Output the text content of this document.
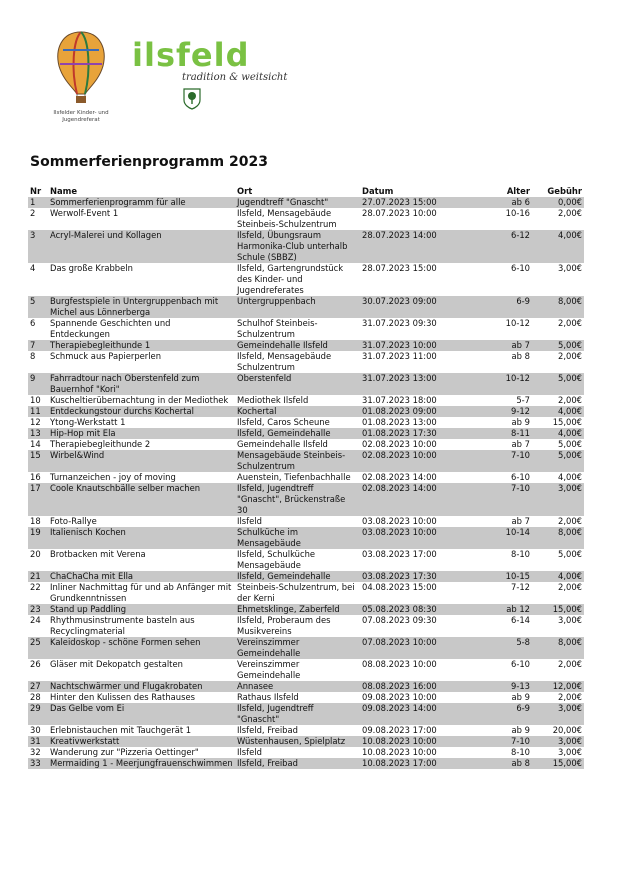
Ilsfelder Kinder- und
Jugendreferat
ilsfeld
tradition & weitsicht
Sommerferienprogramm 2023
Nr	Name	Ort	Datum	Alter	Gebühr
1	Sommerferienprogramm für alle	Jugendtreff "Gnascht"	27.07.2023 15:00	ab 6	0,00€
2	Werwolf-Event 1	Ilsfeld, Mensagebäude Steinbeis-Schulzentrum	28.07.2023 10:00	10-16	2,00€
3	Acryl-Malerei und Kollagen	Ilsfeld, Übungsraum Harmonika-Club unterhalb Schule (SBBZ)	28.07.2023 14:00	6-12	4,00€
4	Das große Krabbeln	Ilsfeld, Gartengrundstück des Kinder- und Jugendreferates	28.07.2023 15:00	6-10	3,00€
5	Burgfestspiele in Untergruppenbach mit Michel aus Lönnerberga	Untergruppenbach	30.07.2023 09:00	6-9	8,00€
6	Spannende Geschichten und Entdeckungen	Schulhof Steinbeis-Schulzentrum	31.07.2023 09:30	10-12	2,00€
7	Therapiebegleithunde 1	Gemeindehalle Ilsfeld	31.07.2023 10:00	ab 7	5,00€
8	Schmuck aus Papierperlen	Ilsfeld, Mensagebäude Schulzentrum	31.07.2023 11:00	ab 8	2,00€
9	Fahrradtour nach Oberstenfeld zum Bauernhof "Kori"	Oberstenfeld	31.07.2023 13:00	10-12	5,00€
10	Kuscheltierübernachtung in der Mediothek	Mediothek Ilsfeld	31.07.2023 18:00	5-7	2,00€
11	Entdeckungstour durchs Kochertal	Kochertal	01.08.2023 09:00	9-12	4,00€
12	Ytong-Werkstatt 1	Ilsfeld, Caros Scheune	01.08.2023 13:00	ab 9	15,00€
13	Hip-Hop mit Ela	Ilsfeld, Gemeindehalle	01.08.2023 17:30	8-11	4,00€
14	Therapiebegleithunde 2	Gemeindehalle Ilsfeld	02.08.2023 10:00	ab 7	5,00€
15	Wirbel&Wind	Mensagebäude Steinbeis-Schulzentrum	02.08.2023 10:00	7-10	5,00€
16	Turnanzeichen - joy of moving	Auenstein, Tiefenbachhalle	02.08.2023 14:00	6-10	4,00€
17	Coole Knautschbälle selber machen	Ilsfeld, Jugendtreff "Gnascht", Brückenstraße 30	02.08.2023 14:00	7-10	3,00€
18	Foto-Rallye	Ilsfeld	03.08.2023 10:00	ab 7	2,00€
19	Italienisch Kochen	Schulküche im Mensagebäude	03.08.2023 10:00	10-14	8,00€
20	Brotbacken mit Verena	Ilsfeld, Schulküche Mensagebäude	03.08.2023 17:00	8-10	5,00€
21	ChaChaCha mit Ella	Ilsfeld, Gemeindehalle	03.08.2023 17:30	10-15	4,00€
22	Inliner Nachmittag für und ab Anfänger mit Grundkenntnissen	Steinbeis-Schulzentrum, bei der Kerni	04.08.2023 15:00	7-12	2,00€
23	Stand up Paddling	Ehmetsklinge, Zaberfeld	05.08.2023 08:30	ab 12	15,00€
24	Rhythmusinstrumente basteln aus Recyclingmaterial	Ilsfeld, Proberaum des Musikvereins	07.08.2023 09:30	6-14	3,00€
25	Kaleidoskop - schöne Formen sehen	Vereinszimmer Gemeindehalle	07.08.2023 10:00	5-8	8,00€
26	Gläser mit Dekopatch gestalten	Vereinszimmer Gemeindehalle	08.08.2023 10:00	6-10	2,00€
27	Nachtschwärmer und Flugakrobaten	Annasee	08.08.2023 16:00	9-13	12,00€
28	Hinter den Kulissen des Rathauses	Rathaus Ilsfeld	09.08.2023 10:00	ab 9	2,00€
29	Das Gelbe vom Ei	Ilsfeld, Jugendtreff "Gnascht"	09.08.2023 14:00	6-9	3,00€
30	Erlebnistauchen mit Tauchgerät 1	Ilsfeld, Freibad	09.08.2023 17:00	ab 9	20,00€
31	Kreativwerkstatt	Wüstenhausen, Spielplatz	10.08.2023 10:00	7-10	3,00€
32	Wanderung zur "Pizzeria Oettinger"	Ilsfeld	10.08.2023 10:00	8-10	3,00€
33	Mermaiding 1 - Meerjungfrauenschwimmen	Ilsfeld, Freibad	10.08.2023 17:00	ab 8	15,00€
